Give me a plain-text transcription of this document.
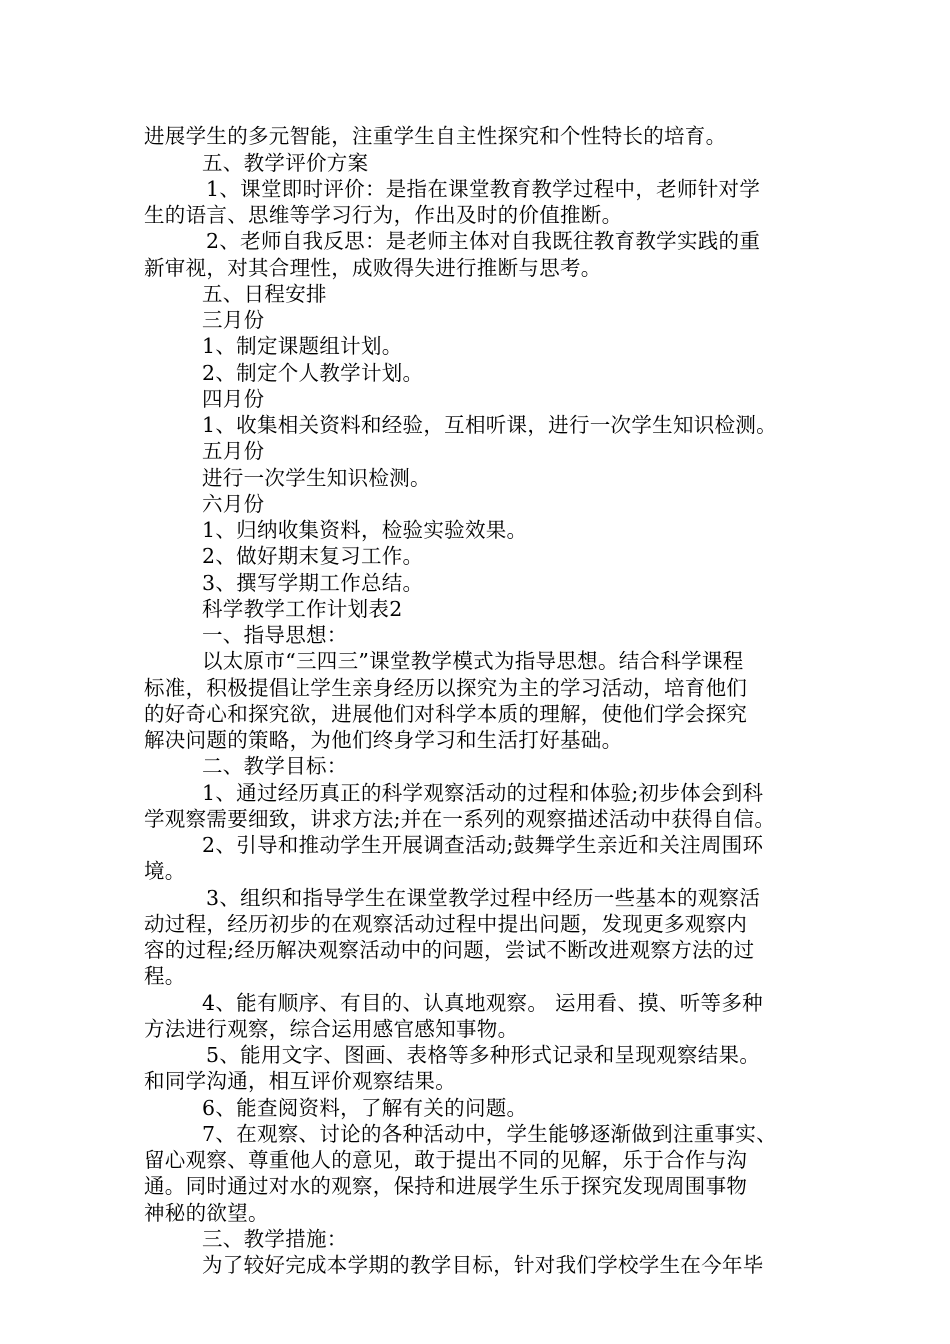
进展学生的多元智能，注重学生自主性探究和个性特长的培育。
五、教学评价方案
1、课堂即时评价：是指在课堂教育教学过程中，老师针对学
生的语言、思维等学习行为，作出及时的价值推断。
2、老师自我反思：是老师主体对自我既往教育教学实践的重
新审视，对其合理性，成败得失进行推断与思考。
五、日程安排
三月份
1、制定课题组计划。
2、制定个人教学计划。
四月份
1、收集相关资料和经验，互相听课，进行一次学生知识检测。
五月份
进行一次学生知识检测。
六月份
1、归纳收集资料，检验实验效果。
2、做好期末复习工作。
3、撰写学期工作总结。
科学教学工作计划表2
一、指导思想：
以太原市“三四三”课堂教学模式为指导思想。结合科学课程
标准，积极提倡让学生亲身经历以探究为主的学习活动，培育他们
的好奇心和探究欲，进展他们对科学本质的理解，使他们学会探究
解决问题的策略，为他们终身学习和生活打好基础。
二、教学目标：
1、通过经历真正的科学观察活动的过程和体验;初步体会到科
学观察需要细致，讲求方法;并在一系列的观察描述活动中获得自信。
2、引导和推动学生开展调查活动;鼓舞学生亲近和关注周围环
境。
3、组织和指导学生在课堂教学过程中经历一些基本的观察活
动过程，经历初步的在观察活动过程中提出问题，发现更多观察内
容的过程;经历解决观察活动中的问题，尝试不断改进观察方法的过
程。
4、能有顺序、有目的、认真地观察。 运用看、摸、听等多种
方法进行观察，综合运用感官感知事物。
5、能用文字、图画、表格等多种形式记录和呈现观察结果。
和同学沟通，相互评价观察结果。
6、能查阅资料，了解有关的问题。
7、在观察、讨论的各种活动中，学生能够逐渐做到注重事实、
留心观察、尊重他人的意见，敢于提出不同的见解，乐于合作与沟
通。同时通过对水的观察，保持和进展学生乐于探究发现周围事物
神秘的欲望。
三、教学措施：
为了较好完成本学期的教学目标，针对我们学校学生在今年毕
